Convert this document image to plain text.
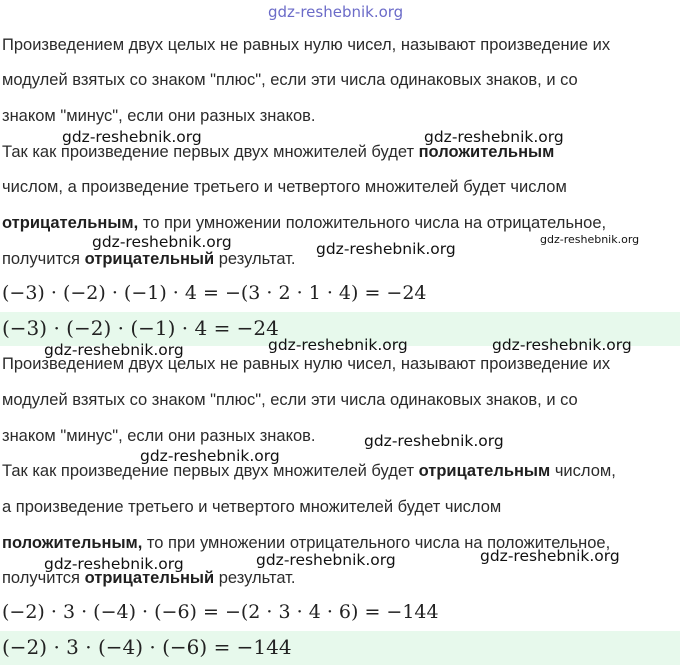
Произведением двух целых не равных нулю чисел, называют произведение их

модулей взятых со знаком "плюс", если эти числа одинаковых знаков, и со

знаком "минус", если они разных знаков.

Так как произведение первых двух множителей будет положительным

числом, а произведение третьего и четвертого множителей будет числом

отрицательным, то при умножении положительного числа на отрицательное,

получится отрицательный результат.

(−3) · (−2) · (−1) · 4 = −(3 · 2 · 1 · 4) = −24

(−3) · (−2) · (−1) · 4 = −24

Произведением двух целых не равных нулю чисел, называют произведение их

модулей взятых со знаком "плюс", если эти числа одинаковых знаков, и со

знаком "минус", если они разных знаков.

Так как произведение первых двух множителей будет отрицательным числом,

а произведение третьего и четвертого множителей будет числом

положительным, то при умножении отрицательного числа на положительное,

получится отрицательный результат.

(−2) · 3 · (−4) · (−6) = −(2 · 3 · 4 · 6) = −144

(−2) · 3 · (−4) · (−6) = −144

gdz-reshebnik.org
gdz-reshebnik.org	gdz-reshebnik.org
gdz-reshebnik.org	gdz-reshebnik.org
gdz-reshebnik.org
gdz-reshebnik.org	gdz-reshebnik.org	gdz-reshebnik.org
gdz-reshebnik.org
gdz-reshebnik.org
gdz-reshebnik.org	gdz-reshebnik.org	gdz-reshebnik.org
